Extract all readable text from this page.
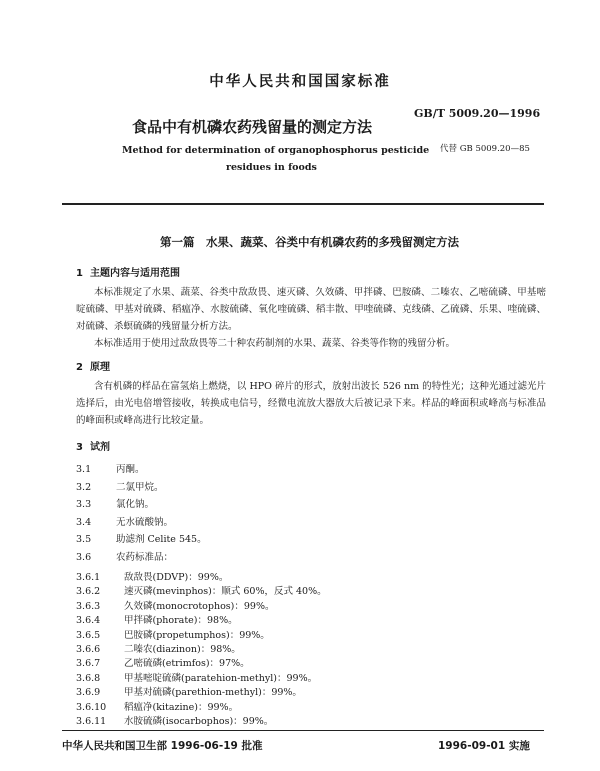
中华人民共和国国家标准
食品中有机磷农药残留量的测定方法
GB/T 5009.20—1996
代替 GB 5009.20—85
Method for determination of organophosphorus pesticide
residues in foods
第一篇　水果、蔬菜、谷类中有机磷农药的多残留测定方法
1 主题内容与适用范围
本标准规定了水果、蔬菜、谷类中敌敌畏、速灭磷、久效磷、甲拌磷、巴胺磷、二嗪农、乙嘧硫磷、甲基嘧啶硫磷、甲基对硫磷、稻瘟净、水胺硫磷、氧化喹硫磷、稻丰散、甲喹硫磷、克线磷、乙硫磷、乐果、喹硫磷、对硫磷、杀螟硫磷的残留量分析方法。
本标准适用于使用过敌敌畏等二十种农药制剂的水果、蔬菜、谷类等作物的残留分析。
2 原理
含有机磷的样品在富氢焰上燃烧，以 HPO 碎片的形式，放射出波长 526 nm 的特性光；这种光通过滤光片选择后，由光电倍增管接收，转换成电信号，经微电流放大器放大后被记录下来。样品的峰面积或峰高与标准品的峰面积或峰高进行比较定量。
3 试剂
3.1	丙酮。
3.2	二氯甲烷。
3.3	氯化钠。
3.4	无水硫酸钠。
3.5	助滤剂 Celite 545。
3.6	农药标准品：
3.6.1	敌敌畏(DDVP)：99%。
3.6.2	速灭磷(mevinphos)：顺式 60%，反式 40%。
3.6.3	久效磷(monocrotophos)：99%。
3.6.4	甲拌磷(phorate)：98%。
3.6.5	巴胺磷(propetumphos)：99%。
3.6.6	二嗪农(diazinon)：98%。
3.6.7	乙嘧硫磷(etrimfos)：97%。
3.6.8	甲基嘧啶硫磷(paratehion-methyl)：99%。
中华人民共和国卫生部 1996-06-19 批准	1996-09-01 实施
3.6.9	甲基对硫磷(parethion-methyl)：99%。
3.6.10 稻瘟净(kitazine)：99%。
3.6.11 水胺硫磷(isocarbophos)：99%。
